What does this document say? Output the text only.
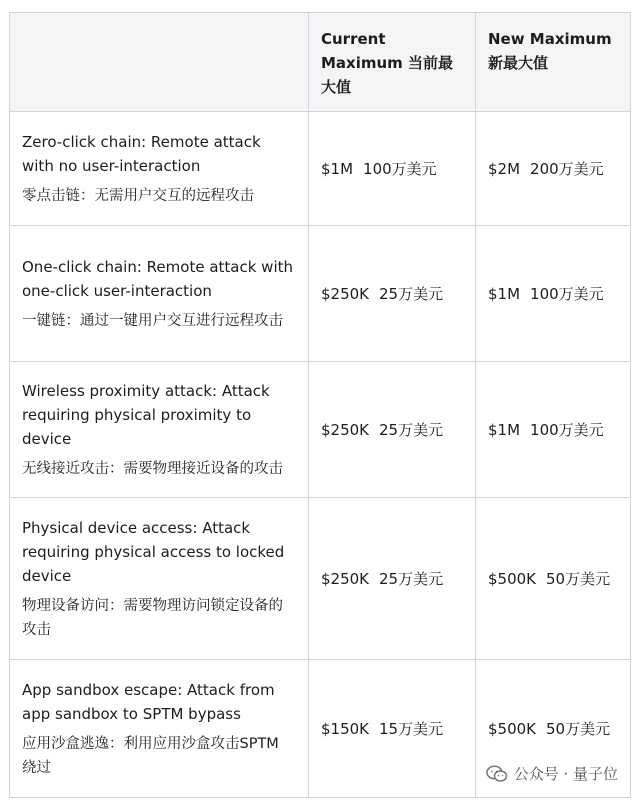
	Current Maximum 当前最大值	New Maximum 新最大值

Zero-click chain: Remote attack with no user-interaction
零点击链：无需用户交互的远程攻击	$1M 100万美元	$2M 200万美元

One-click chain: Remote attack with one-click user-interaction
一键链：通过一键用户交互进行远程攻击	$250K 25万美元	$1M 100万美元

Wireless proximity attack: Attack requiring physical proximity to device
无线接近攻击：需要物理接近设备的攻击	$250K 25万美元	$1M 100万美元

Physical device access: Attack requiring physical access to locked device
物理设备访问：需要物理访问锁定设备的攻击	$250K 25万美元	$500K 50万美元

App sandbox escape: Attack from app sandbox to SPTM bypass
应用沙盒逃逸：利用应用沙盒攻击SPTM 绕过	$150K 15万美元	$500K 50万美元
公众号 · 量子位
